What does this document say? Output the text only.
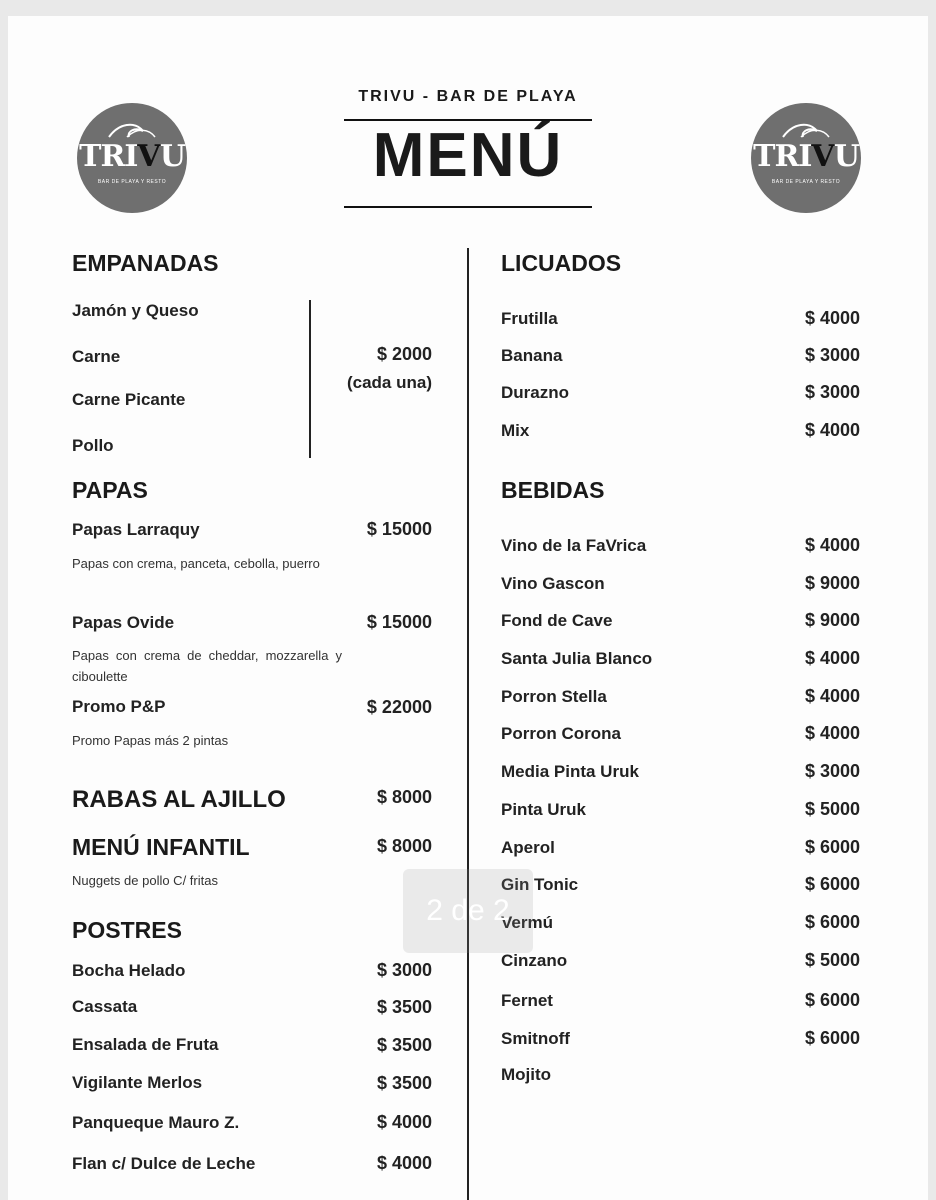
TRIVU - BAR DE PLAYA
MENÚ
TRIVU
BAR DE PLAYA Y RESTO
TRIVU
BAR DE PLAYA Y RESTO
EMPANADAS
Jamón y Queso
Carne
Carne Picante
Pollo
$ 2000
(cada una)
PAPAS
Papas Larraquy	$ 15000
Papas con crema, panceta, cebolla, puerro
Papas Ovide	$ 15000
Papas con crema de cheddar, mozzarella y ciboulette
Promo P&P	$ 22000
Promo Papas más 2 pintas
RABAS AL AJILLO	$ 8000
MENÚ INFANTIL	$ 8000
Nuggets de pollo C/ fritas
POSTRES
Bocha Helado	$ 3000
Cassata	$ 3500
Ensalada de Fruta	$ 3500
Vigilante Merlos	$ 3500
Panqueque Mauro Z.	$ 4000
Flan c/ Dulce de Leche	$ 4000
LICUADOS
Frutilla	$ 4000
Banana	$ 3000
Durazno	$ 3000
Mix	$ 4000
BEBIDAS
Vino de la FaVrica	$ 4000
Vino Gascon	$ 9000
Fond de Cave	$ 9000
Santa Julia Blanco	$ 4000
Porron Stella	$ 4000
Porron Corona	$ 4000
Media Pinta Uruk	$ 3000
Pinta Uruk	$ 5000
Aperol	$ 6000
Gin Tonic	$ 6000
Vermú	$ 6000
Cinzano	$ 5000
Fernet	$ 6000
Smitnoff	$ 6000
Mojito
2 de 2
